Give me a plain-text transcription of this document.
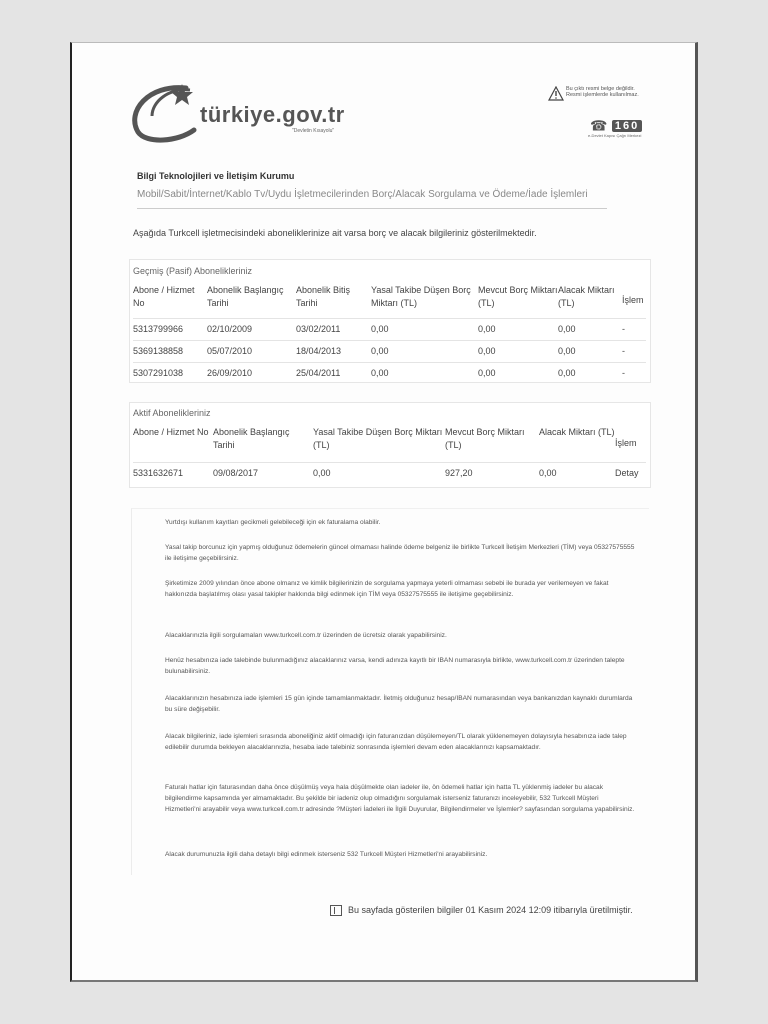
türkiye.gov.tr
"Devletin Kısayolu"
Bu çıktı resmi belge değildir.
Resmi işlemlerde kullanılmaz.
☎ 160
e-Devlet Kapısı Çağrı Merkezi
Bilgi Teknolojileri ve İletişim Kurumu
Mobil/Sabit/İnternet/Kablo Tv/Uydu İşletmecilerinden Borç/Alacak Sorgulama ve Ödeme/İade İşlemleri
Aşağıda Turkcell işletmecisindeki aboneliklerinize ait varsa borç ve alacak bilgileriniz gösterilmektedir.
Geçmiş (Pasif) Abonelikleriniz
Abone / Hizmet No	Abonelik Başlangıç Tarihi	Abonelik Bitiş Tarihi	Yasal Takibe Düşen Borç Miktarı (TL)	Mevcut Borç Miktarı (TL)	Alacak Miktarı (TL)	İşlem
5313799966	02/10/2009	03/02/2011	0,00	0,00	0,00	-
5369138858	05/07/2010	18/04/2013	0,00	0,00	0,00	-
5307291038	26/09/2010	25/04/2011	0,00	0,00	0,00	-
Aktif Abonelikleriniz
Abone / Hizmet No	Abonelik Başlangıç Tarihi	Yasal Takibe Düşen Borç Miktarı (TL)	Mevcut Borç Miktarı (TL)	Alacak Miktarı (TL)	İşlem
5331632671	09/08/2017	0,00	927,20	0,00	Detay
Yurtdışı kullanım kayıtları gecikmeli gelebileceği için ek faturalama olabilir.
Yasal takip borcunuz için yapmış olduğunuz ödemelerin güncel olmaması halinde ödeme belgeniz ile birlikte Turkcell İletişim Merkezleri (TİM) veya 05327575555 ile iletişime geçebilirsiniz.
Şirketimize 2009 yılından önce abone olmanız ve kimlik bilgilerinizin de sorgulama yapmaya yeterli olmaması sebebi ile burada yer verilemeyen ve fakat hakkınızda başlatılmış olası yasal takipler hakkında bilgi edinmek için TİM veya 05327575555 ile iletişime geçebilirsiniz.
Alacaklarınızla ilgili sorgulamaları www.turkcell.com.tr üzerinden de ücretsiz olarak yapabilirsiniz.
Henüz hesabınıza iade talebinde bulunmadığınız alacaklarınız varsa, kendi adınıza kayıtlı bir IBAN numarasıyla birlikte, www.turkcell.com.tr üzerinden talepte bulunabilirsiniz.
Alacaklarınızın hesabınıza iade işlemleri 15 gün içinde tamamlanmaktadır. İletmiş olduğunuz hesap/IBAN numarasından veya bankanızdan kaynaklı durumlarda bu süre değişebilir.
Alacak bilgileriniz, iade işlemleri sırasında aboneliğiniz aktif olmadığı için faturanızdan düşülemeyen/TL olarak yüklenemeyen dolayısıyla hesabınıza iade talep edilebilir durumda bekleyen alacaklarınızla, hesaba iade talebiniz sonrasında işlemleri devam eden alacaklarınızı kapsamaktadır.
Faturalı hatlar için faturasından daha önce düşülmüş veya hala düşülmekte olan iadeler ile, ön ödemeli hatlar için hatta TL yüklenmiş iadeler bu alacak bilgilendirme kapsamında yer almamaktadır. Bu şekilde bir iadeniz olup olmadığını sorgulamak isterseniz faturanızı inceleyebilir, 532 Turkcell Müşteri Hizmetleri'ni arayabilir veya www.turkcell.com.tr adresinde ?Müşteri İadeleri ile İlgili Duyurular, Bilgilendirmeler ve İşlemler? sayfasından sorgulama yapabilirsiniz.
Alacak durumunuzla ilgili daha detaylı bilgi edinmek isterseniz 532 Turkcell Müşteri Hizmetleri'ni arayabilirsiniz.
Bu sayfada gösterilen bilgiler 01 Kasım 2024 12:09 itibarıyla üretilmiştir.
